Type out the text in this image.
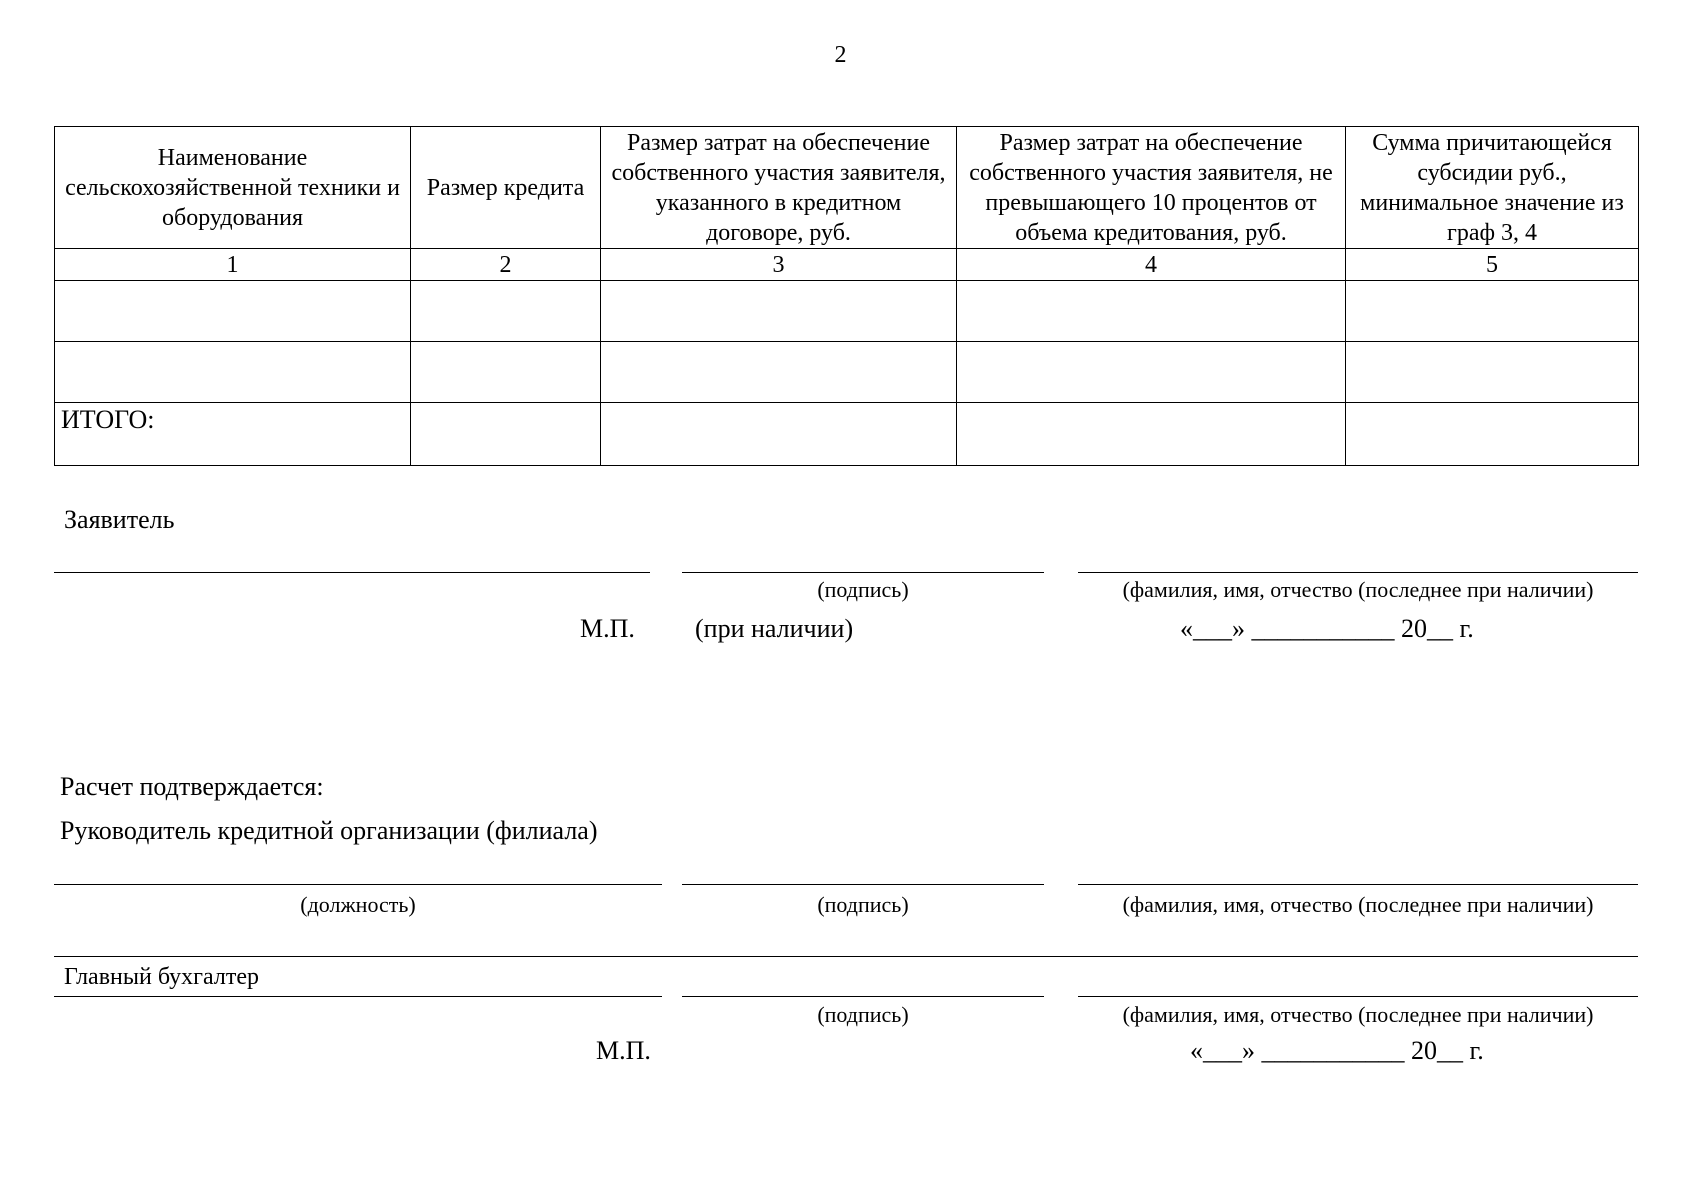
2
Наименование сельскохозяйственной техники и оборудования	Размер кредита	Размер затрат на обеспечение собственного участия заявителя, указанного в кредитном договоре, руб.	Размер затрат на обеспечение собственного участия заявителя, не превышающего 10 процентов от объема кредитования, руб.	Сумма причитающейся субсидии руб., минимальное значение из граф 3, 4
1	2	3	4	5

ИТОГО:				
Заявитель
(подпись)	(фамилия, имя, отчество (последнее при наличии)
М.П. (при наличии)	«___» ___________ 20__ г.
Расчет подтверждается:
Руководитель кредитной организации (филиала)
(должность)	(подпись)	(фамилия, имя, отчество (последнее при наличии)
Главный бухгалтер
(подпись)	(фамилия, имя, отчество (последнее при наличии)
М.П.	«___» ___________ 20__ г.
